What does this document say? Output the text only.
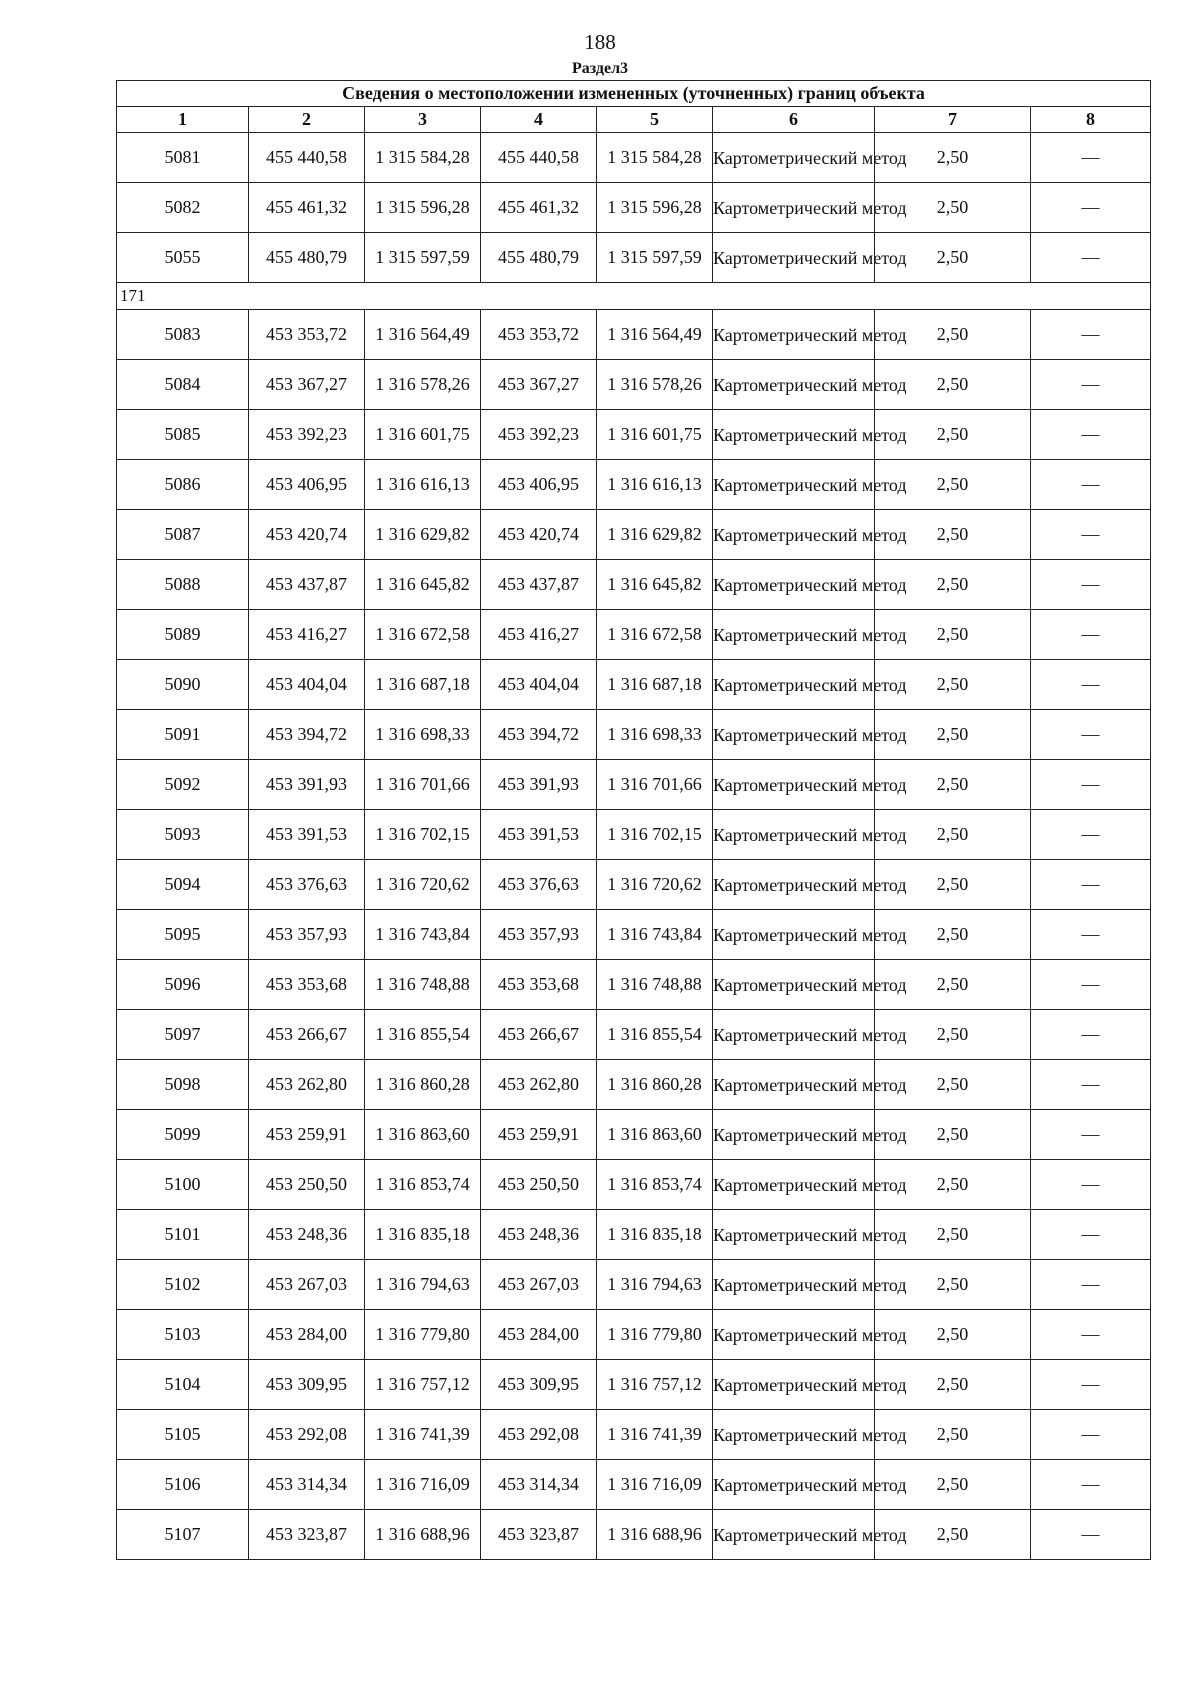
188
Раздел3
Сведения о местоположении измененных (уточненных) границ объекта							
1	2	3	4	5	6	7	8
5081	455 440,58	1 315 584,28	455 440,58	1 315 584,28	Картометрический метод	2,50	—
5082	455 461,32	1 315 596,28	455 461,32	1 315 596,28	Картометрический метод	2,50	—
5055	455 480,79	1 315 597,59	455 480,79	1 315 597,59	Картометрический метод	2,50	—
171							
5083	453 353,72	1 316 564,49	453 353,72	1 316 564,49	Картометрический метод	2,50	—
5084	453 367,27	1 316 578,26	453 367,27	1 316 578,26	Картометрический метод	2,50	—
5085	453 392,23	1 316 601,75	453 392,23	1 316 601,75	Картометрический метод	2,50	—
5086	453 406,95	1 316 616,13	453 406,95	1 316 616,13	Картометрический метод	2,50	—
5087	453 420,74	1 316 629,82	453 420,74	1 316 629,82	Картометрический метод	2,50	—
5088	453 437,87	1 316 645,82	453 437,87	1 316 645,82	Картометрический метод	2,50	—
5089	453 416,27	1 316 672,58	453 416,27	1 316 672,58	Картометрический метод	2,50	—
5090	453 404,04	1 316 687,18	453 404,04	1 316 687,18	Картометрический метод	2,50	—
5091	453 394,72	1 316 698,33	453 394,72	1 316 698,33	Картометрический метод	2,50	—
5092	453 391,93	1 316 701,66	453 391,93	1 316 701,66	Картометрический метод	2,50	—
5093	453 391,53	1 316 702,15	453 391,53	1 316 702,15	Картометрический метод	2,50	—
5094	453 376,63	1 316 720,62	453 376,63	1 316 720,62	Картометрический метод	2,50	—
5095	453 357,93	1 316 743,84	453 357,93	1 316 743,84	Картометрический метод	2,50	—
5096	453 353,68	1 316 748,88	453 353,68	1 316 748,88	Картометрический метод	2,50	—
5097	453 266,67	1 316 855,54	453 266,67	1 316 855,54	Картометрический метод	2,50	—
5098	453 262,80	1 316 860,28	453 262,80	1 316 860,28	Картометрический метод	2,50	—
5099	453 259,91	1 316 863,60	453 259,91	1 316 863,60	Картометрический метод	2,50	—
5100	453 250,50	1 316 853,74	453 250,50	1 316 853,74	Картометрический метод	2,50	—
5101	453 248,36	1 316 835,18	453 248,36	1 316 835,18	Картометрический метод	2,50	—
5102	453 267,03	1 316 794,63	453 267,03	1 316 794,63	Картометрический метод	2,50	—
5103	453 284,00	1 316 779,80	453 284,00	1 316 779,80	Картометрический метод	2,50	—
5104	453 309,95	1 316 757,12	453 309,95	1 316 757,12	Картометрический метод	2,50	—
5105	453 292,08	1 316 741,39	453 292,08	1 316 741,39	Картометрический метод	2,50	—
5106	453 314,34	1 316 716,09	453 314,34	1 316 716,09	Картометрический метод	2,50	—
5107	453 323,87	1 316 688,96	453 323,87	1 316 688,96	Картометрический метод	2,50	—
